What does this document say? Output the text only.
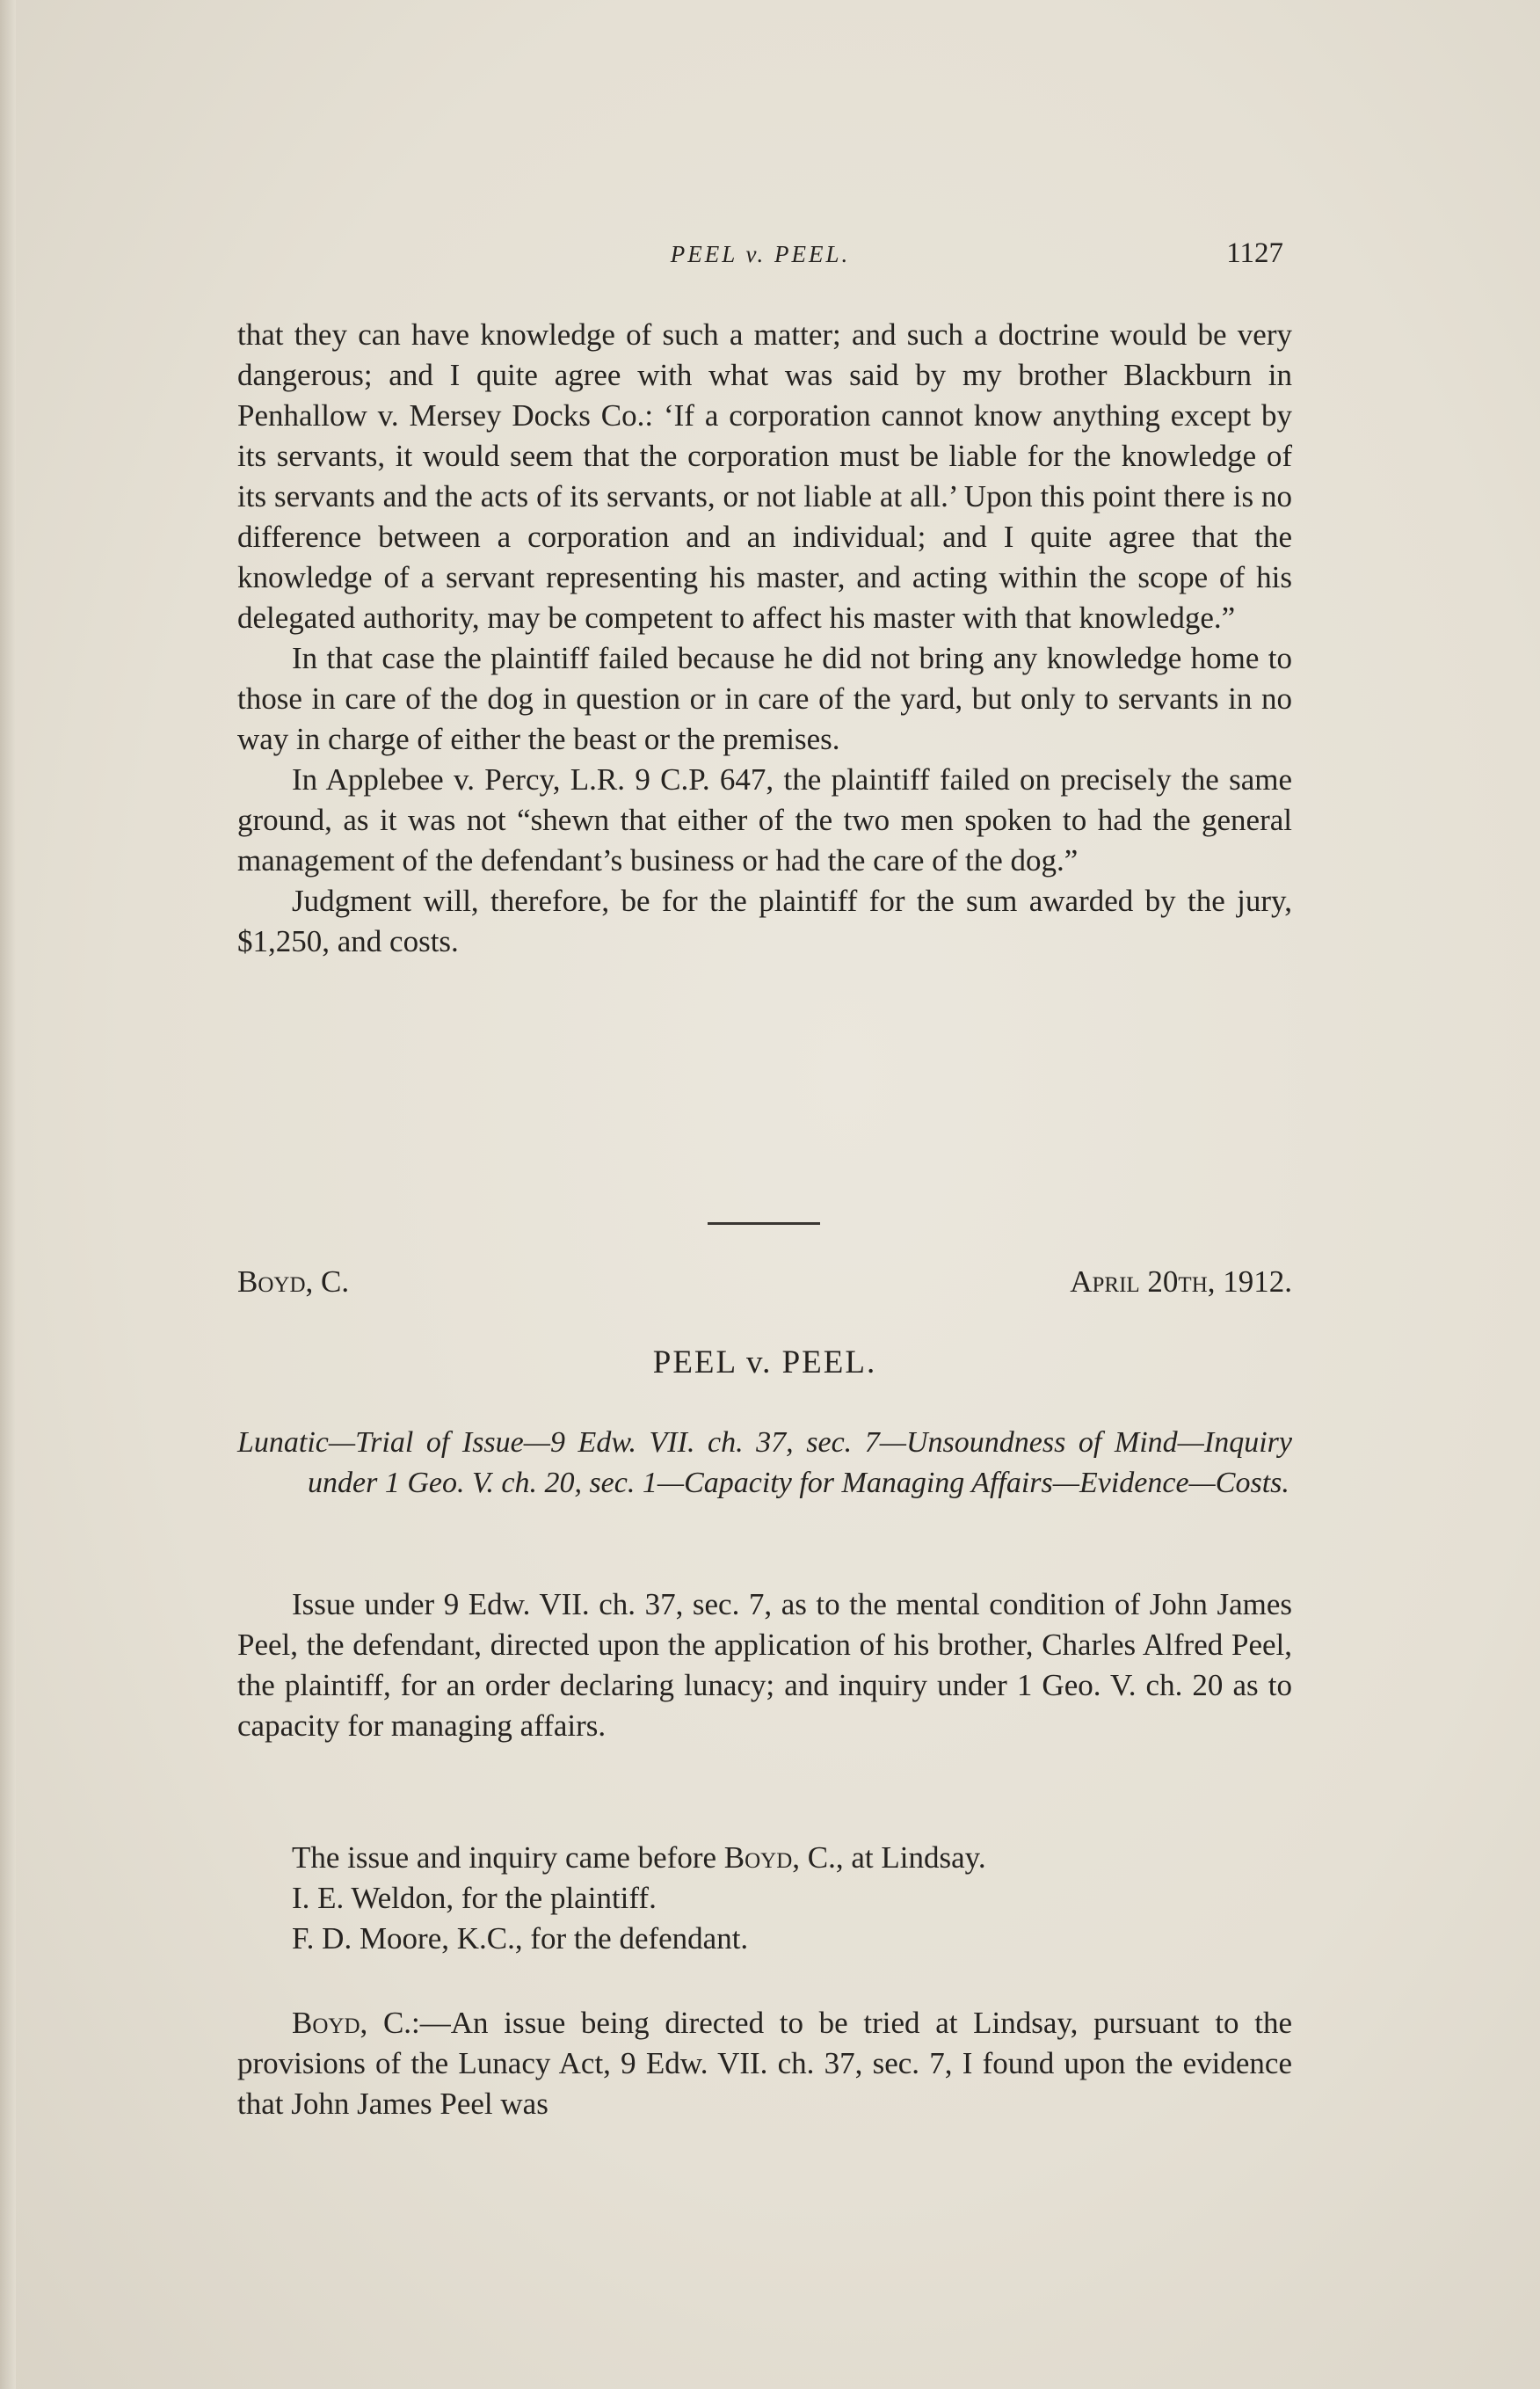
PEEL v. PEEL.	1127

that they can have knowledge of such a matter; and such a doctrine would be very dangerous; and I quite agree with what was said by my brother Blackburn in Penhallow v. Mersey Docks Co.: ‘If a corporation cannot know anything except by its servants, it would seem that the corporation must be liable for the knowledge of its servants and the acts of its servants, or not liable at all.’ Upon this point there is no difference between a corporation and an individual; and I quite agree that the knowledge of a servant representing his master, and acting within the scope of his delegated authority, may be competent to affect his master with that knowledge.”

In that case the plaintiff failed because he did not bring any knowledge home to those in care of the dog in question or in care of the yard, but only to servants in no way in charge of either the beast or the premises.

In Applebee v. Percy, L.R. 9 C.P. 647, the plaintiff failed on precisely the same ground, as it was not “shewn that either of the two men spoken to had the general management of the defendant’s business or had the care of the dog.”

Judgment will, therefore, be for the plaintiff for the sum awarded by the jury, $1,250, and costs.

Boyd, C.	April 20th, 1912.
PEEL v. PEEL.
Lunatic—Trial of Issue—9 Edw. VII. ch. 37, sec. 7—Unsoundness of Mind—Inquiry under 1 Geo. V. ch. 20, sec. 1—Capacity for Managing Affairs—Evidence—Costs.

Issue under 9 Edw. VII. ch. 37, sec. 7, as to the mental condition of John James Peel, the defendant, directed upon the application of his brother, Charles Alfred Peel, the plaintiff, for an order declaring lunacy; and inquiry under 1 Geo. V. ch. 20 as to capacity for managing affairs.

The issue and inquiry came before Boyd, C., at Lindsay.
I. E. Weldon, for the plaintiff.
F. D. Moore, K.C., for the defendant.

Boyd, C.:—An issue being directed to be tried at Lindsay, pursuant to the provisions of the Lunacy Act, 9 Edw. VII. ch. 37, sec. 7, I found upon the evidence that John James Peel was
